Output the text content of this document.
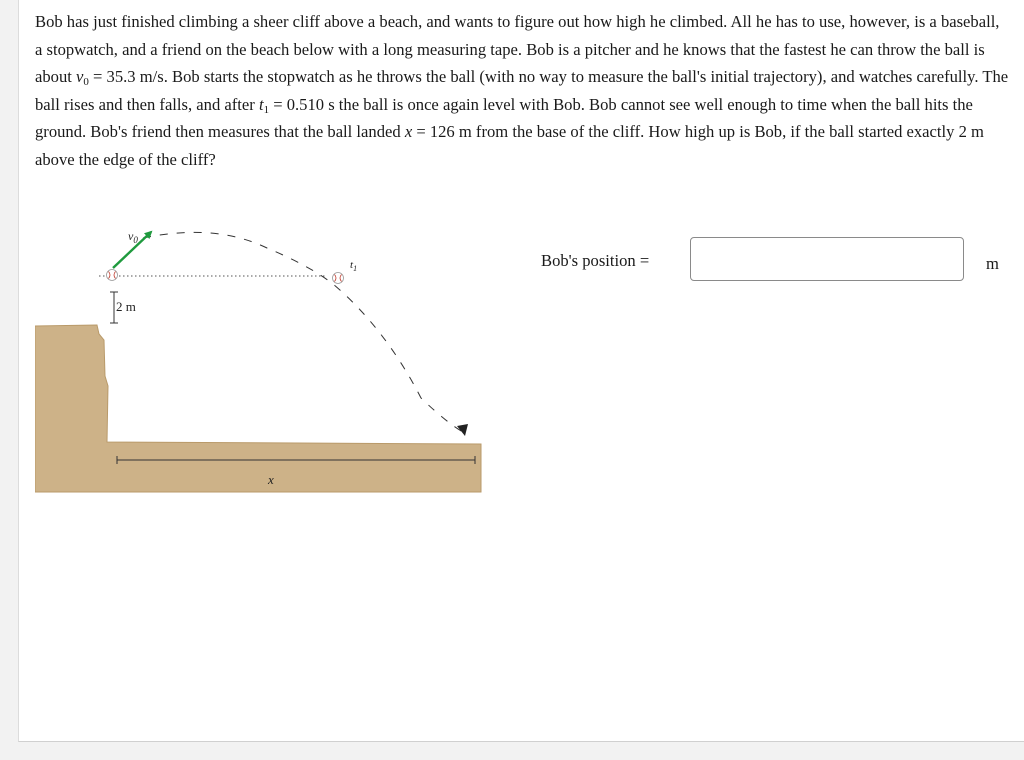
Bob has just finished climbing a sheer cliff above a beach, and wants to figure out how high he climbed. All he has to use, however, is a baseball, a stopwatch, and a friend on the beach below with a long measuring tape. Bob is a pitcher and he knows that the fastest he can throw the ball is about $v_0 = 35.3$ m/s. Bob starts the stopwatch as he throws the ball (with no way to measure the ball's initial trajectory), and watches carefully. The ball rises and then falls, and after $t_1 = 0.510$ s the ball is once again level with Bob. Bob cannot see well enough to time when the ball hits the ground. Bob's friend then measures that the ball landed x = 126 m from the base of the cliff. How high up is Bob, if the ball started exactly 2 m above the edge of the cliff?

$v_0$
$t_1$
2 m
x
Bob's position =	m
